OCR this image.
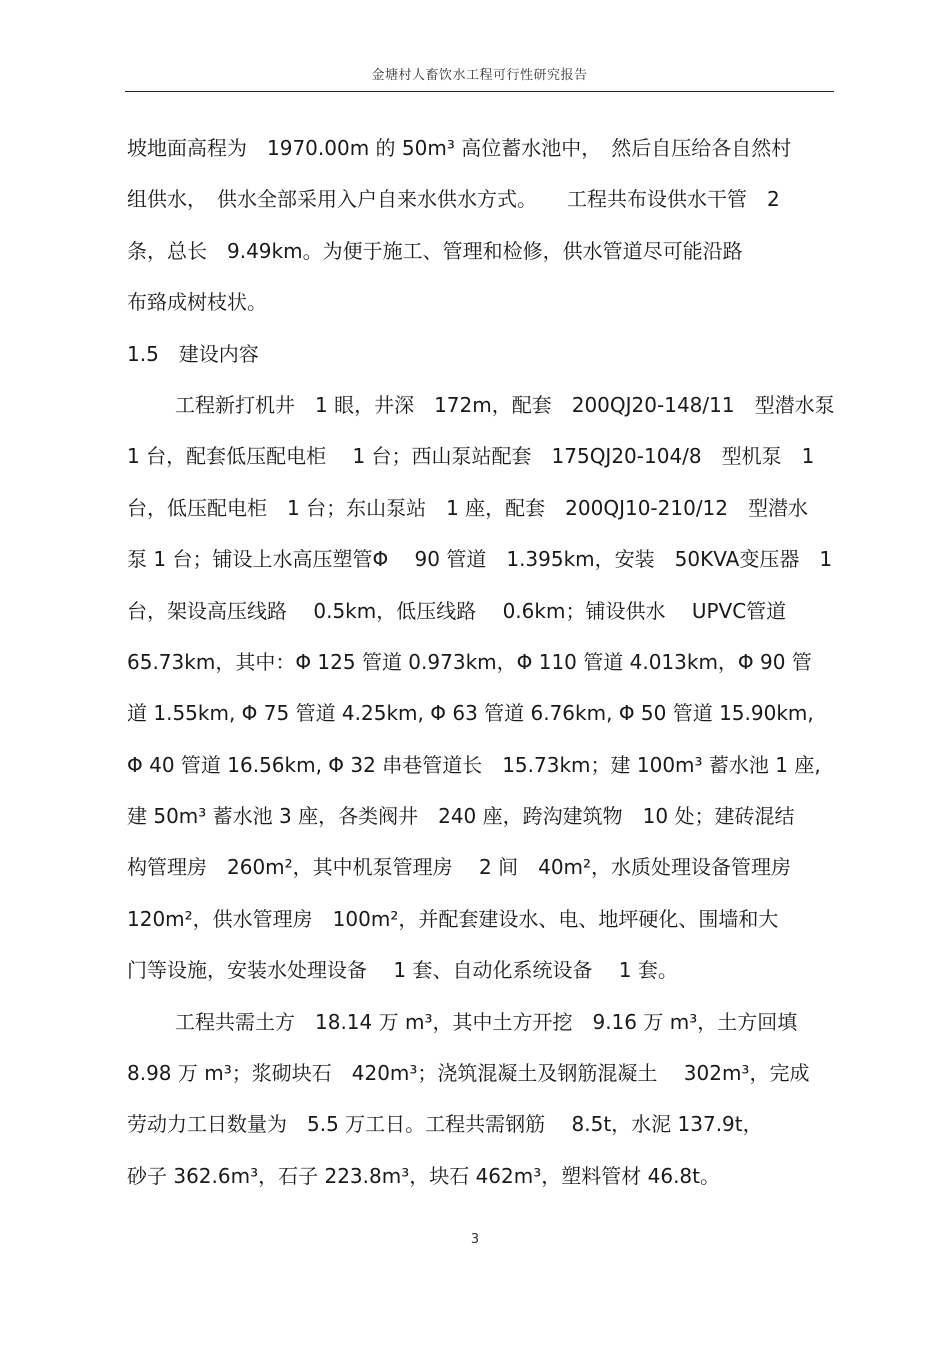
金塘村人畜饮水工程可行性研究报告
坡地面高程为　1970.00m 的 50m³ 高位蓄水池中，　然后自压给各自然村
组供水，　供水全部采用入户自来水供水方式。　　工程共布设供水干管　2
条，总长　9.49km。为便于施工、管理和检修，供水管道尽可能沿路
布臵成树枝状。
1.5　建设内容
工程新打机井　1 眼，井深　172m，配套　200QJ20-148/11　型潜水泵
1 台，配套低压配电柜　 1 台；西山泵站配套　175QJ20-104/8　型机泵　1
台，低压配电柜　1 台；东山泵站　1 座，配套　200QJ10-210/12　型潜水
泵 1 台；铺设上水高压塑管Φ　 90 管道　1.395km，安装　50KVA变压器　1
台，架设高压线路　 0.5km，低压线路　 0.6km；铺设供水　 UPVC管道
65.73km，其中：Φ 125 管道 0.973km，Φ 110 管道 4.013km，Φ 90 管
道 1.55km, Φ 75 管道 4.25km, Φ 63 管道 6.76km, Φ 50 管道 15.90km,
Φ 40 管道 16.56km, Φ 32 串巷管道长　15.73km；建 100m³ 蓄水池 1 座,
建 50m³ 蓄水池 3 座，各类阀井　240 座，跨沟建筑物　10 处；建砖混结
构管理房　260m²，其中机泵管理房　 2 间　40m²，水质处理设备管理房
120m²，供水管理房　100m²，并配套建设水、电、地坪硬化、围墙和大
门等设施，安装水处理设备　 1 套、自动化系统设备　 1 套。
工程共需土方　18.14 万 m³，其中土方开挖　9.16 万 m³，土方回填
8.98 万 m³；浆砌块石　420m³；浇筑混凝土及钢筋混凝土　 302m³，完成
劳动力工日数量为　5.5 万工日。工程共需钢筋　 8.5t，水泥 137.9t，
砂子 362.6m³，石子 223.8m³，块石 462m³，塑料管材 46.8t。
3
